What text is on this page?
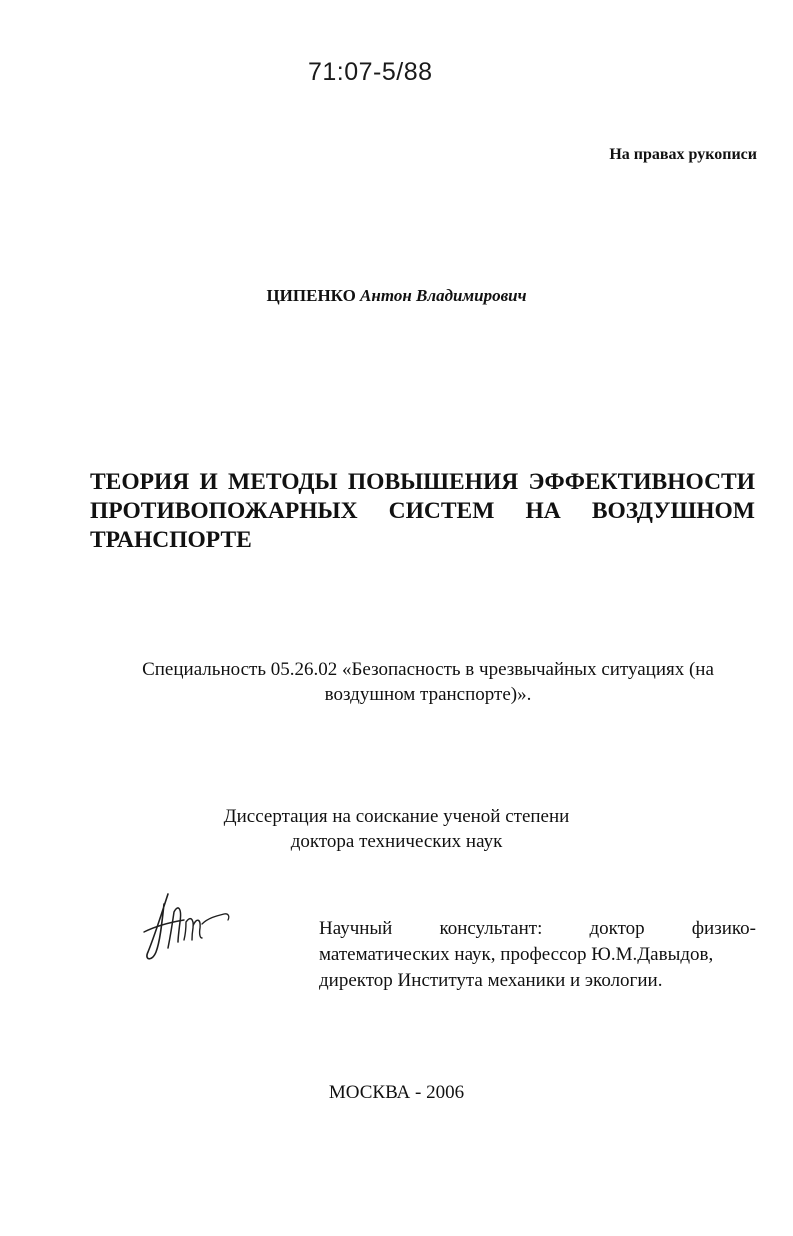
71:07-5/88
На правах рукописи
ЦИПЕНКО Антон Владимирович
ТЕОРИЯ И МЕТОДЫ ПОВЫШЕНИЯ ЭФФЕКТИВНОСТИ
ПРОТИВОПОЖАРНЫХ СИСТЕМ НА ВОЗДУШНОМ
ТРАНСПОРТЕ
Специальность 05.26.02 «Безопасность в чрезвычайных ситуациях (на
воздушном транспорте)».
Диссертация на соискание ученой степени
доктора технических наук
Научный консультант: доктор физико-
математических наук, профессор Ю.М.Давыдов,
директор Института механики и экологии.
МОСКВА - 2006
